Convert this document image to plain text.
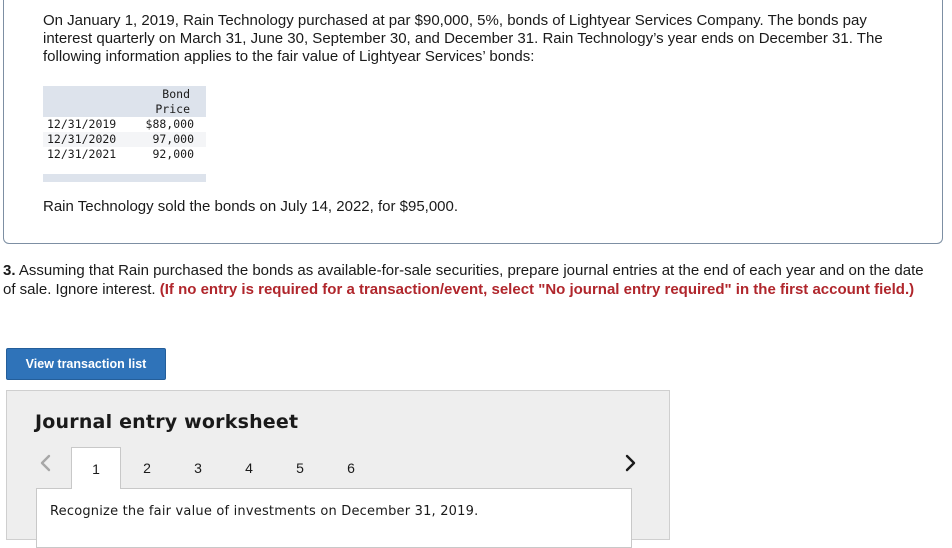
On January 1, 2019, Rain Technology purchased at par $90,000, 5%, bonds of Lightyear Services Company. The bonds pay interest quarterly on March 31, June 30, September 30, and December 31. Rain Technology’s year ends on December 31. The following information applies to the fair value of Lightyear Services’ bonds:

	Bond
Price

12/31/2019	$88,000
12/31/2020	97,000
12/31/2021	92,000

Rain Technology sold the bonds on July 14, 2022, for $95,000.

3. Assuming that Rain purchased the bonds as available-for-sale securities, prepare journal entries at the end of each year and on the date of sale. Ignore interest. (If no entry is required for a transaction/event, select "No journal entry required" in the first account field.)

View transaction list
Journal entry worksheet
1	2	3	4	5	6

Recognize the fair value of investments on December 31, 2019.
